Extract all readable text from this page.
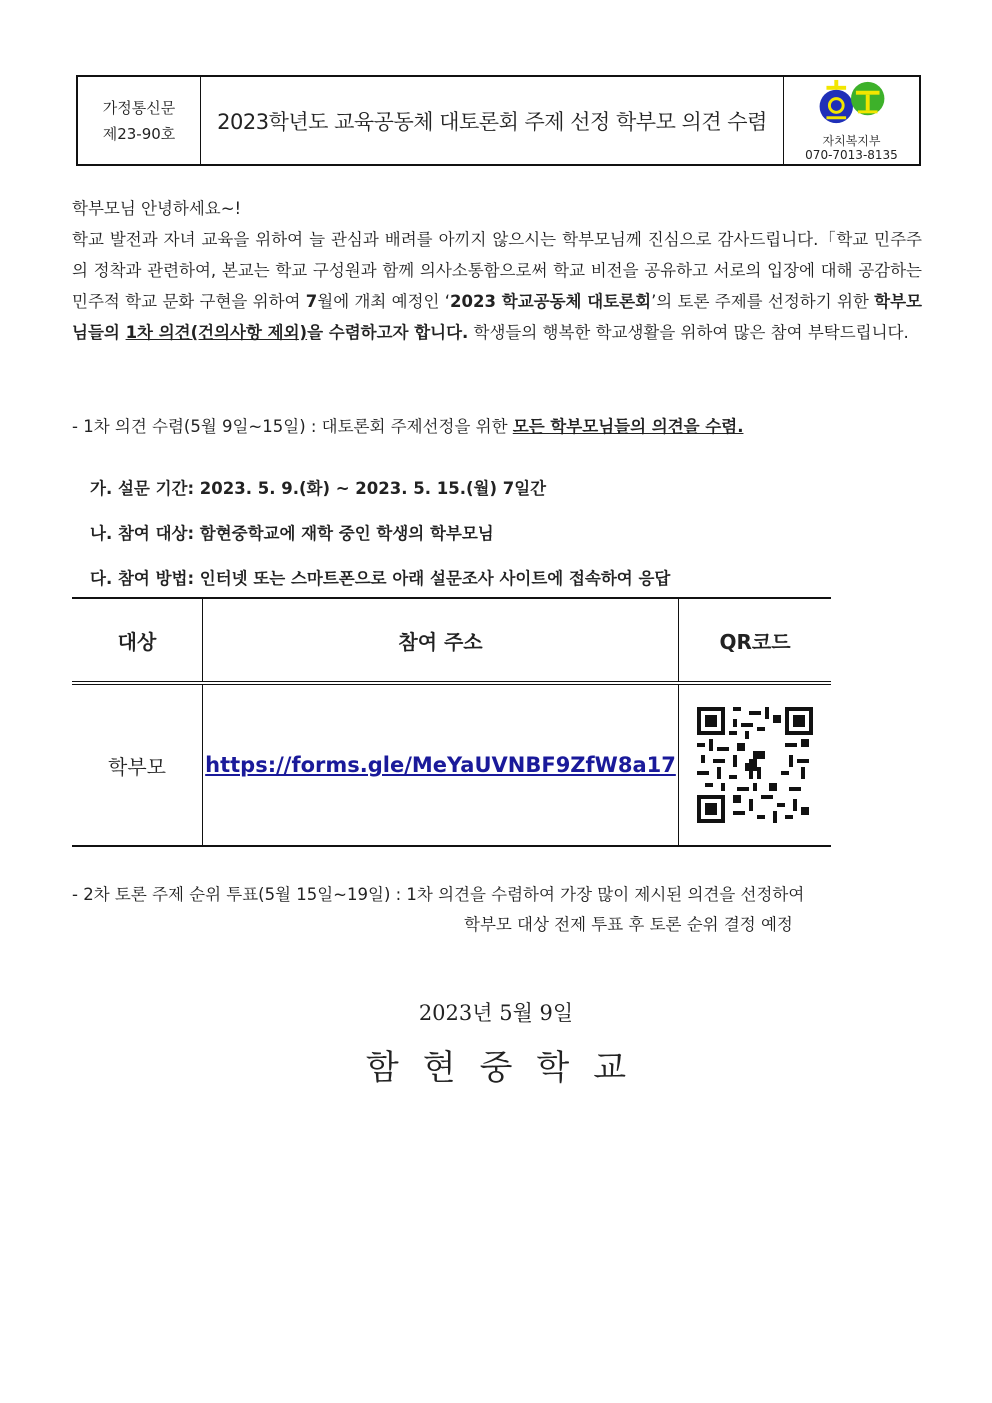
가정통신문
제23-90호	2023학년도 교육공동체 대토론회 주제 선정 학부모 의견 수렴
자치복지부
070-7013-8135
학부모님 안녕하세요~!
학교 발전과 자녀 교육을 위하여 늘 관심과 배려를 아끼지 않으시는 학부모님께 진심으로 감사드립니다.「학교 민주주의 정착과 관련하여, 본교는 학교 구성원과 함께 의사소통함으로써 학교 비전을 공유하고 서로의 입장에 대해 공감하는 민주적 학교 문화 구현을 위하여 7월에 개최 예정인 ‘2023 학교공동체 대토론회’의 토론 주제를 선정하기 위한 학부모님들의 1차 의견(건의사항 제외)을 수렴하고자 합니다. 학생들의 행복한 학교생활을 위하여 많은 참여 부탁드립니다.
- 1차 의견 수렴(5월 9일~15일) : 대토론회 주제선정을 위한 모든 학부모님들의 의견을 수렴.
가. 설문 기간: 2023. 5. 9.(화) ~ 2023. 5. 15.(월) 7일간
나. 참여 대상: 함현중학교에 재학 중인 학생의 학부모님
다. 참여 방법: 인터넷 또는 스마트폰으로 아래 설문조사 사이트에 접속하여 응답
대상	참여 주소	QR코드
학부모	https://forms.gle/MeYaUVNBF9ZfW8a17	
- 2차 토론 주제 순위 투표(5월 15일~19일) : 1차 의견을 수렴하여 가장 많이 제시된 의견을 선정하여
학부모 대상 전제 투표 후 토론 순위 결정 예정
2023년 5월 9일
함현중학교
